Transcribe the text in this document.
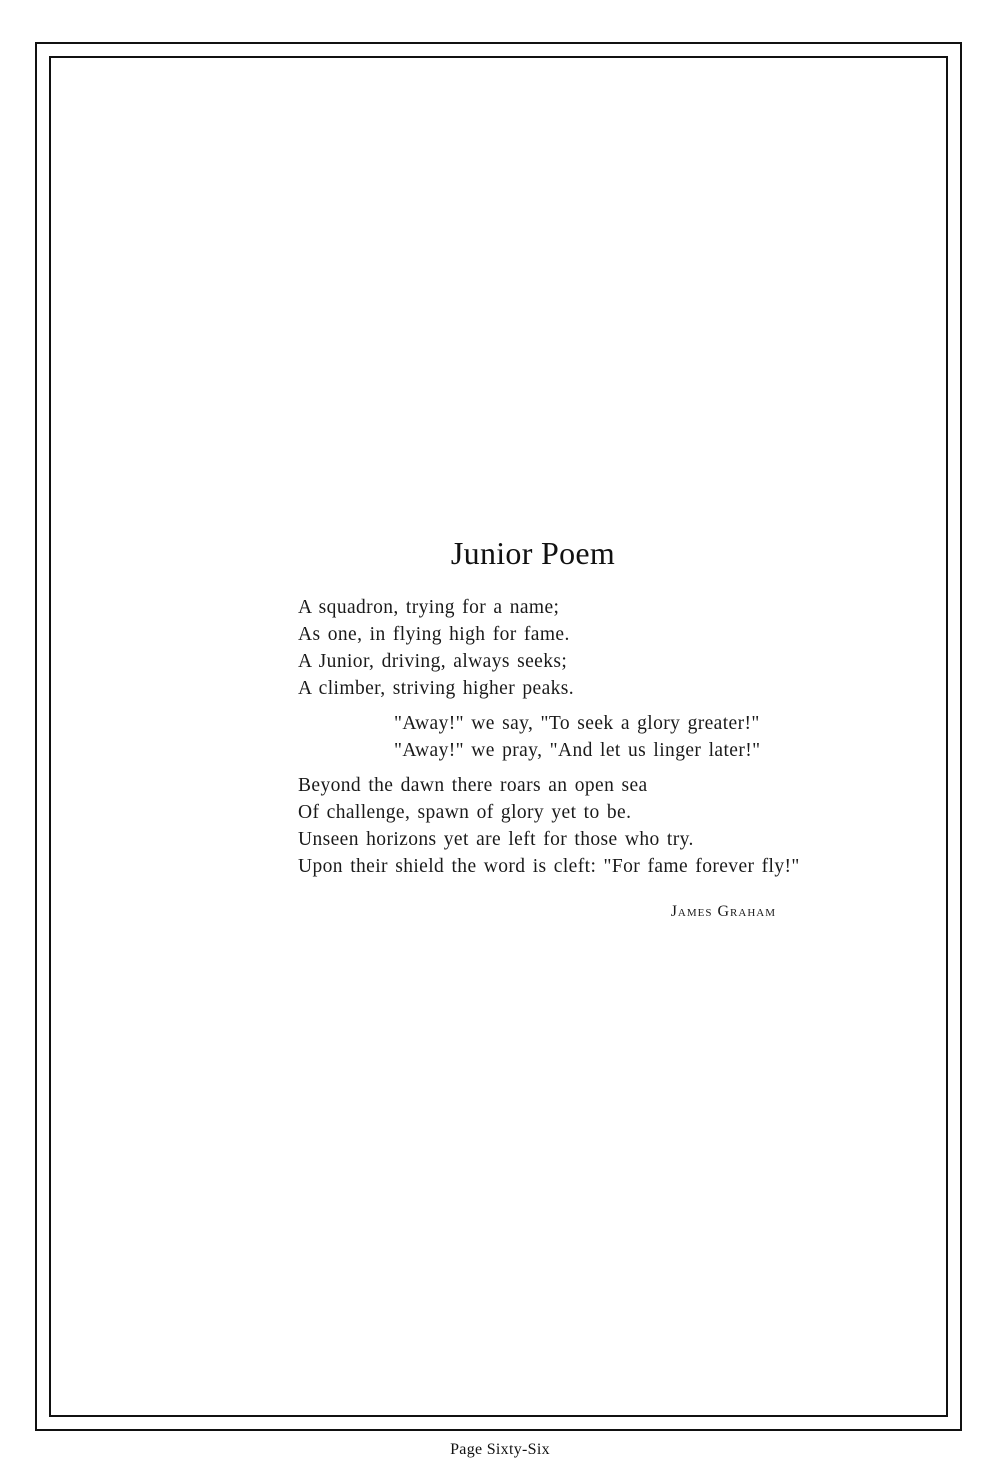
Junior Poem

A squadron, trying for a name;
As one, in flying high for fame.
A Junior, driving, always seeks;
A climber, striving higher peaks.

"Away!" we say, "To seek a glory greater!"
"Away!" we pray, "And let us linger later!"

Beyond the dawn there roars an open sea
Of challenge, spawn of glory yet to be.
Unseen horizons yet are left for those who try.
Upon their shield the word is cleft: "For fame forever fly!"

James Graham
Page Sixty-Six
